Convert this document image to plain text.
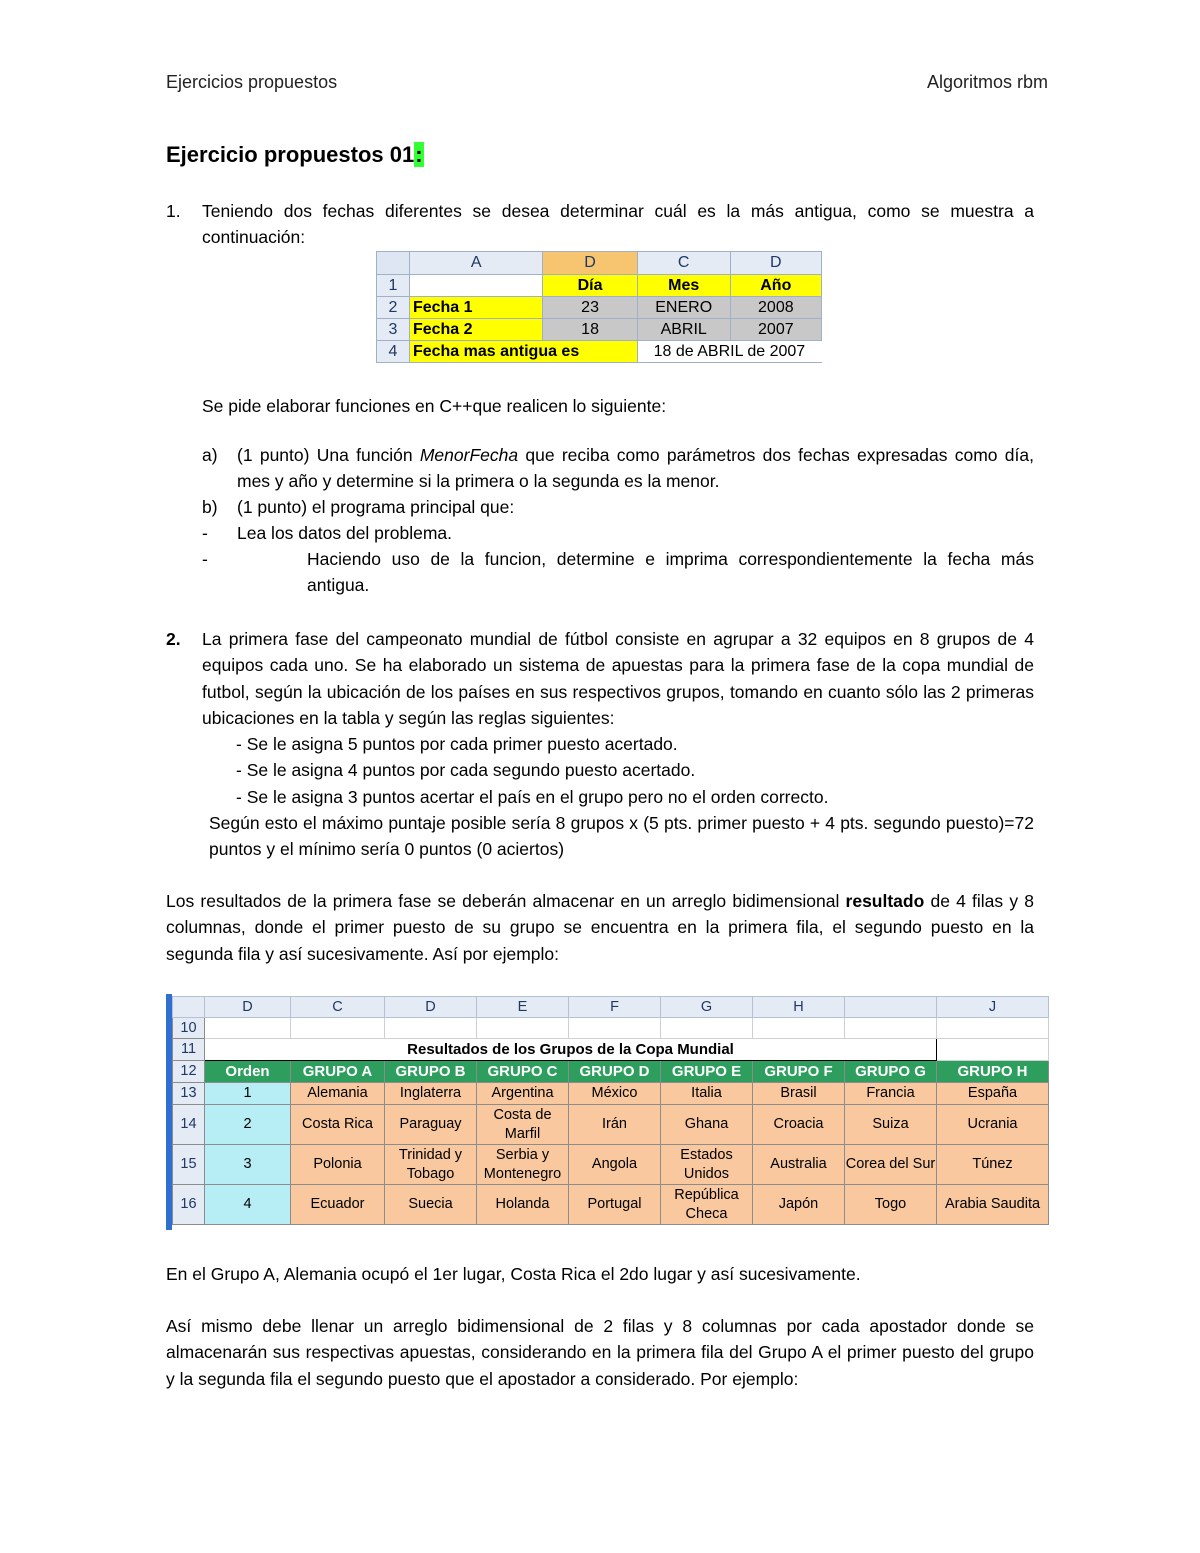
Ejercicios propuestos	Algoritmos rbm
Ejercicio propuestos 01:
1. Teniendo dos fechas diferentes se desea determinar cuál es la más antigua, como se muestra a continuación:
	A	D	C	D
1		Día	Mes	Año
2	Fecha 1	23	ENERO	2008
3	Fecha 2	18	ABRIL	2007
4	Fecha mas antigua es		18 de ABRIL de 2007	
Se pide elaborar funciones en C++que realicen lo siguiente:
a) (1 punto) Una función MenorFecha que reciba como parámetros dos fechas expresadas como día, mes y año y determine si la primera o la segunda es la menor.
b) (1 punto) el programa principal que:
- Lea los datos del problema.
-	Haciendo uso de la funcion, determine e imprima correspondientemente la fecha más antigua.
2. La primera fase del campeonato mundial de fútbol consiste en agrupar a 32 equipos en 8 grupos de 4 equipos cada uno. Se ha elaborado un sistema de apuestas para la primera fase de la copa mundial de futbol, según la ubicación de los países en sus respectivos grupos, tomando en cuanto sólo las 2 primeras ubicaciones en la tabla y según las reglas siguientes:
- Se le asigna 5 puntos por cada primer puesto acertado.
- Se le asigna 4 puntos por cada segundo puesto acertado.
- Se le asigna 3 puntos acertar el país en el grupo pero no el orden correcto.
Según esto el máximo puntaje posible sería 8 grupos x (5 pts. primer puesto + 4 pts. segundo puesto)=72 puntos y el mínimo sería 0 puntos (0 aciertos)
Los resultados de la primera fase se deberán almacenar en un arreglo bidimensional resultado de 4 filas y 8 columnas, donde el primer puesto de su grupo se encuentra en la primera fila, el segundo puesto en la segunda fila y así sucesivamente. Así por ejemplo:
	D	C	D	E	F	G	H		J
10									
11	Resultados de los Grupos de la Copa Mundial								
12	Orden	GRUPO A	GRUPO B	GRUPO C	GRUPO D	GRUPO E	GRUPO F	GRUPO G	GRUPO H
13	1	Alemania	Inglaterra	Argentina	México	Italia	Brasil	Francia	España
14	2	Costa Rica	Paraguay	Costa de Marfil	Irán	Ghana	Croacia	Suiza	Ucrania
15	3	Polonia	Trinidad y Tobago	Serbia y Montenegro	Angola	Estados Unidos	Australia	Corea del Sur	Túnez
16	4	Ecuador	Suecia	Holanda	Portugal	República Checa	Japón	Togo	Arabia Saudita
En el Grupo A, Alemania ocupó el 1er lugar, Costa Rica el 2do lugar y así sucesivamente.
Así mismo debe llenar un arreglo bidimensional de 2 filas y 8 columnas por cada apostador donde se almacenarán sus respectivas apuestas, considerando en la primera fila del Grupo A el primer puesto del grupo y la segunda fila el segundo puesto que el apostador a considerado. Por ejemplo:
